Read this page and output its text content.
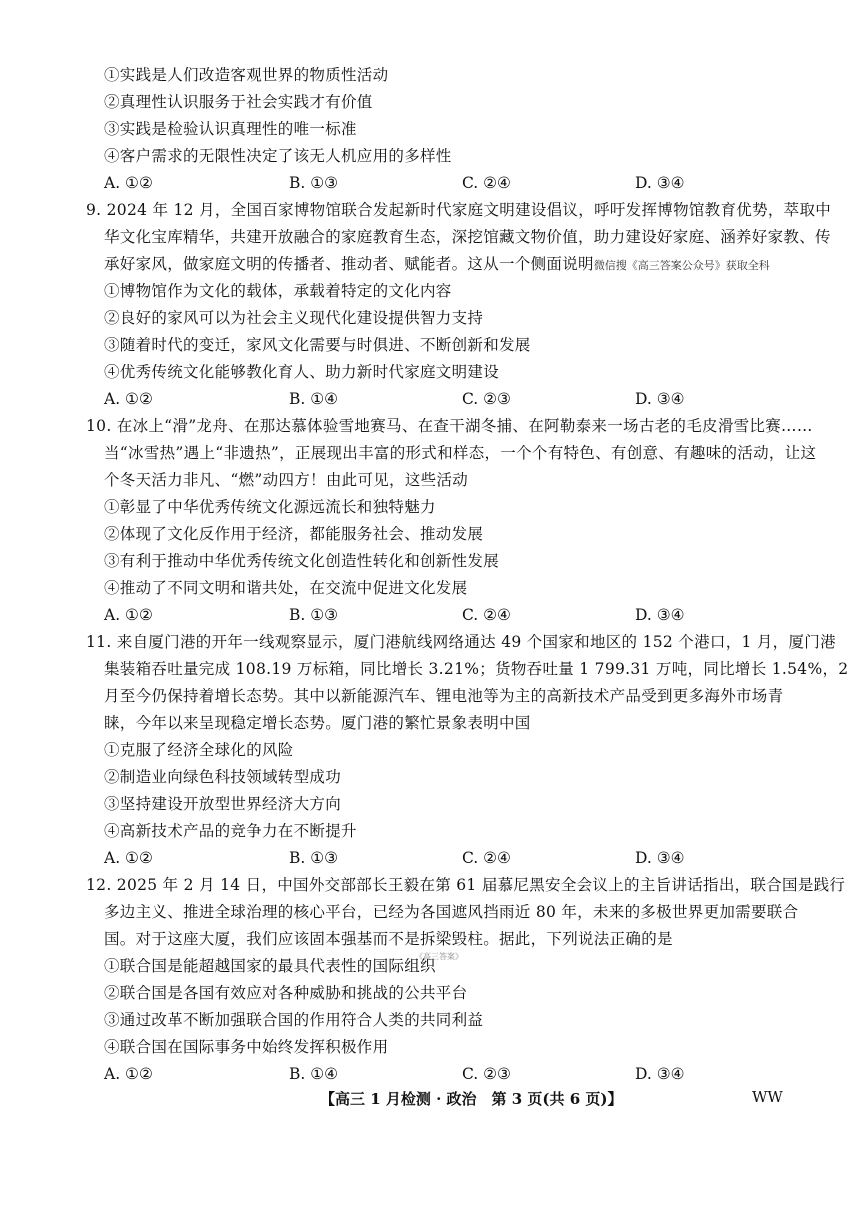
①实践是人们改造客观世界的物质性活动
②真理性认识服务于社会实践才有价值
③实践是检验认识真理性的唯一标准
④客户需求的无限性决定了该无人机应用的多样性
A. ①②	B. ①③	C. ②④	D. ③④
9. 2024 年 12 月，全国百家博物馆联合发起新时代家庭文明建设倡议，呼吁发挥博物馆教育优势，萃取中
华文化宝库精华，共建开放融合的家庭教育生态，深挖馆藏文物价值，助力建设好家庭、涵养好家教、传
承好家风，做家庭文明的传播者、推动者、赋能者。这从一个侧面说明微信搜《高三答案公众号》获取全科
①博物馆作为文化的载体，承载着特定的文化内容
②良好的家风可以为社会主义现代化建设提供智力支持
③随着时代的变迁，家风文化需要与时俱进、不断创新和发展
④优秀传统文化能够教化育人、助力新时代家庭文明建设
A. ①②	B. ①④	C. ②③	D. ③④
10. 在冰上“滑”龙舟、在那达慕体验雪地赛马、在查干湖冬捕、在阿勒泰来一场古老的毛皮滑雪比赛……
当“冰雪热”遇上“非遗热”，正展现出丰富的形式和样态，一个个有特色、有创意、有趣味的活动，让这
个冬天活力非凡、“燃”动四方！由此可见，这些活动
①彰显了中华优秀传统文化源远流长和独特魅力
②体现了文化反作用于经济，都能服务社会、推动发展
③有利于推动中华优秀传统文化创造性转化和创新性发展
④推动了不同文明和谐共处，在交流中促进文化发展
A. ①②	B. ①③	C. ②④	D. ③④
11. 来自厦门港的开年一线观察显示，厦门港航线网络通达 49 个国家和地区的 152 个港口，1 月，厦门港
集装箱吞吐量完成 108.19 万标箱，同比增长 3.21%；货物吞吐量 1 799.31 万吨，同比增长 1.54%，2
月至今仍保持着增长态势。其中以新能源汽车、锂电池等为主的高新技术产品受到更多海外市场青
睐，今年以来呈现稳定增长态势。厦门港的繁忙景象表明中国
①克服了经济全球化的风险
②制造业向绿色科技领域转型成功
③坚持建设开放型世界经济大方向
④高新技术产品的竞争力在不断提升
A. ①②	B. ①③	C. ②④	D. ③④
12. 2025 年 2 月 14 日，中国外交部部长王毅在第 61 届慕尼黑安全会议上的主旨讲话指出，联合国是践行
多边主义、推进全球治理的核心平台，已经为各国遮风挡雨近 80 年，未来的多极世界更加需要联合
国。对于这座大厦，我们应该固本强基而不是拆梁毁柱。据此，下列说法正确的是
①联合国是能超越国家的最具代表性的国际组织
《高三答案》
②联合国是各国有效应对各种威胁和挑战的公共平台
③通过改革不断加强联合国的作用符合人类的共同利益
④联合国在国际事务中始终发挥积极作用
A. ①②	B. ①④	C. ②③	D. ③④
【高三 1 月检测 · 政治　第 3 页(共 6 页)】	WW
